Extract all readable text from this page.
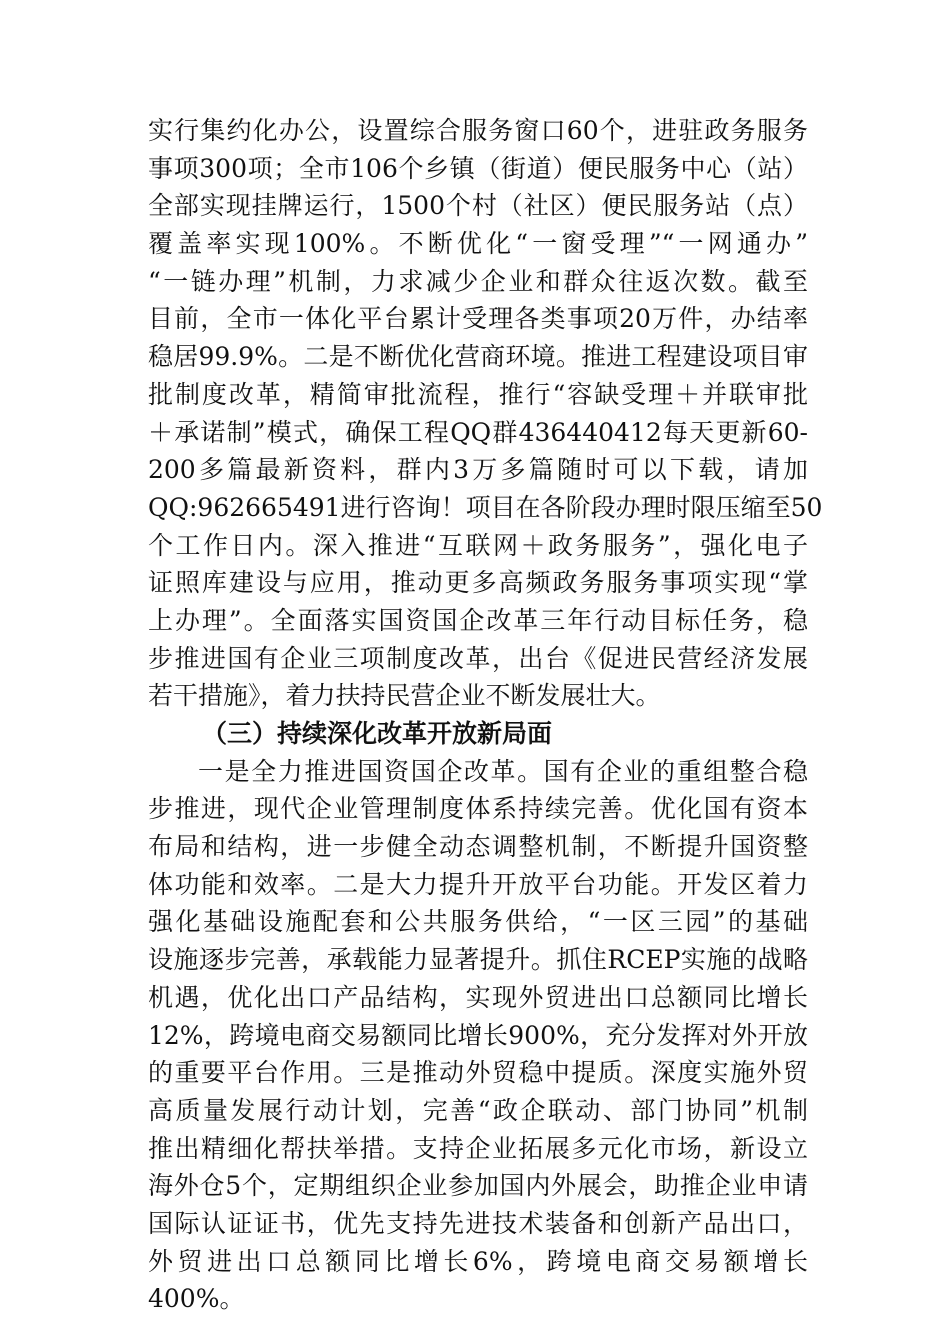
实行集约化办公，设置综合服务窗口60个，进驻政务服务
事项300项；全市106个乡镇（街道）便民服务中心（站）
全部实现挂牌运行，1500个村（社区）便民服务站（点）
覆盖率实现100%。不断优化“一窗受理”“一网通办”
“一链办理”机制，力求减少企业和群众往返次数。截至
目前，全市一体化平台累计受理各类事项20万件，办结率
稳居99.9%。二是不断优化营商环境。推进工程建设项目审
批制度改革，精简审批流程，推行“容缺受理＋并联审批
＋承诺制”模式，确保工程QQ群436440412每天更新60-
200多篇最新资料，群内3万多篇随时可以下载，请加
QQ:962665491进行咨询！项目在各阶段办理时限压缩至50
个工作日内。深入推进“互联网＋政务服务”，强化电子
证照库建设与应用，推动更多高频政务服务事项实现“掌
上办理”。全面落实国资国企改革三年行动目标任务，稳
步推进国有企业三项制度改革，出台《促进民营经济发展
若干措施》，着力扶持民营企业不断发展壮大。
（三）持续深化改革开放新局面
一是全力推进国资国企改革。国有企业的重组整合稳
步推进，现代企业管理制度体系持续完善。优化国有资本
布局和结构，进一步健全动态调整机制，不断提升国资整
体功能和效率。二是大力提升开放平台功能。开发区着力
强化基础设施配套和公共服务供给，“一区三园”的基础
设施逐步完善，承载能力显著提升。抓住RCEP实施的战略
机遇，优化出口产品结构，实现外贸进出口总额同比增长
12%，跨境电商交易额同比增长900%，充分发挥对外开放
的重要平台作用。三是推动外贸稳中提质。深度实施外贸
高质量发展行动计划，完善“政企联动、部门协同”机制
推出精细化帮扶举措。支持企业拓展多元化市场，新设立
海外仓5个，定期组织企业参加国内外展会，助推企业申请
国际认证证书，优先支持先进技术装备和创新产品出口，
外贸进出口总额同比增长6%，跨境电商交易额增长
400%。
